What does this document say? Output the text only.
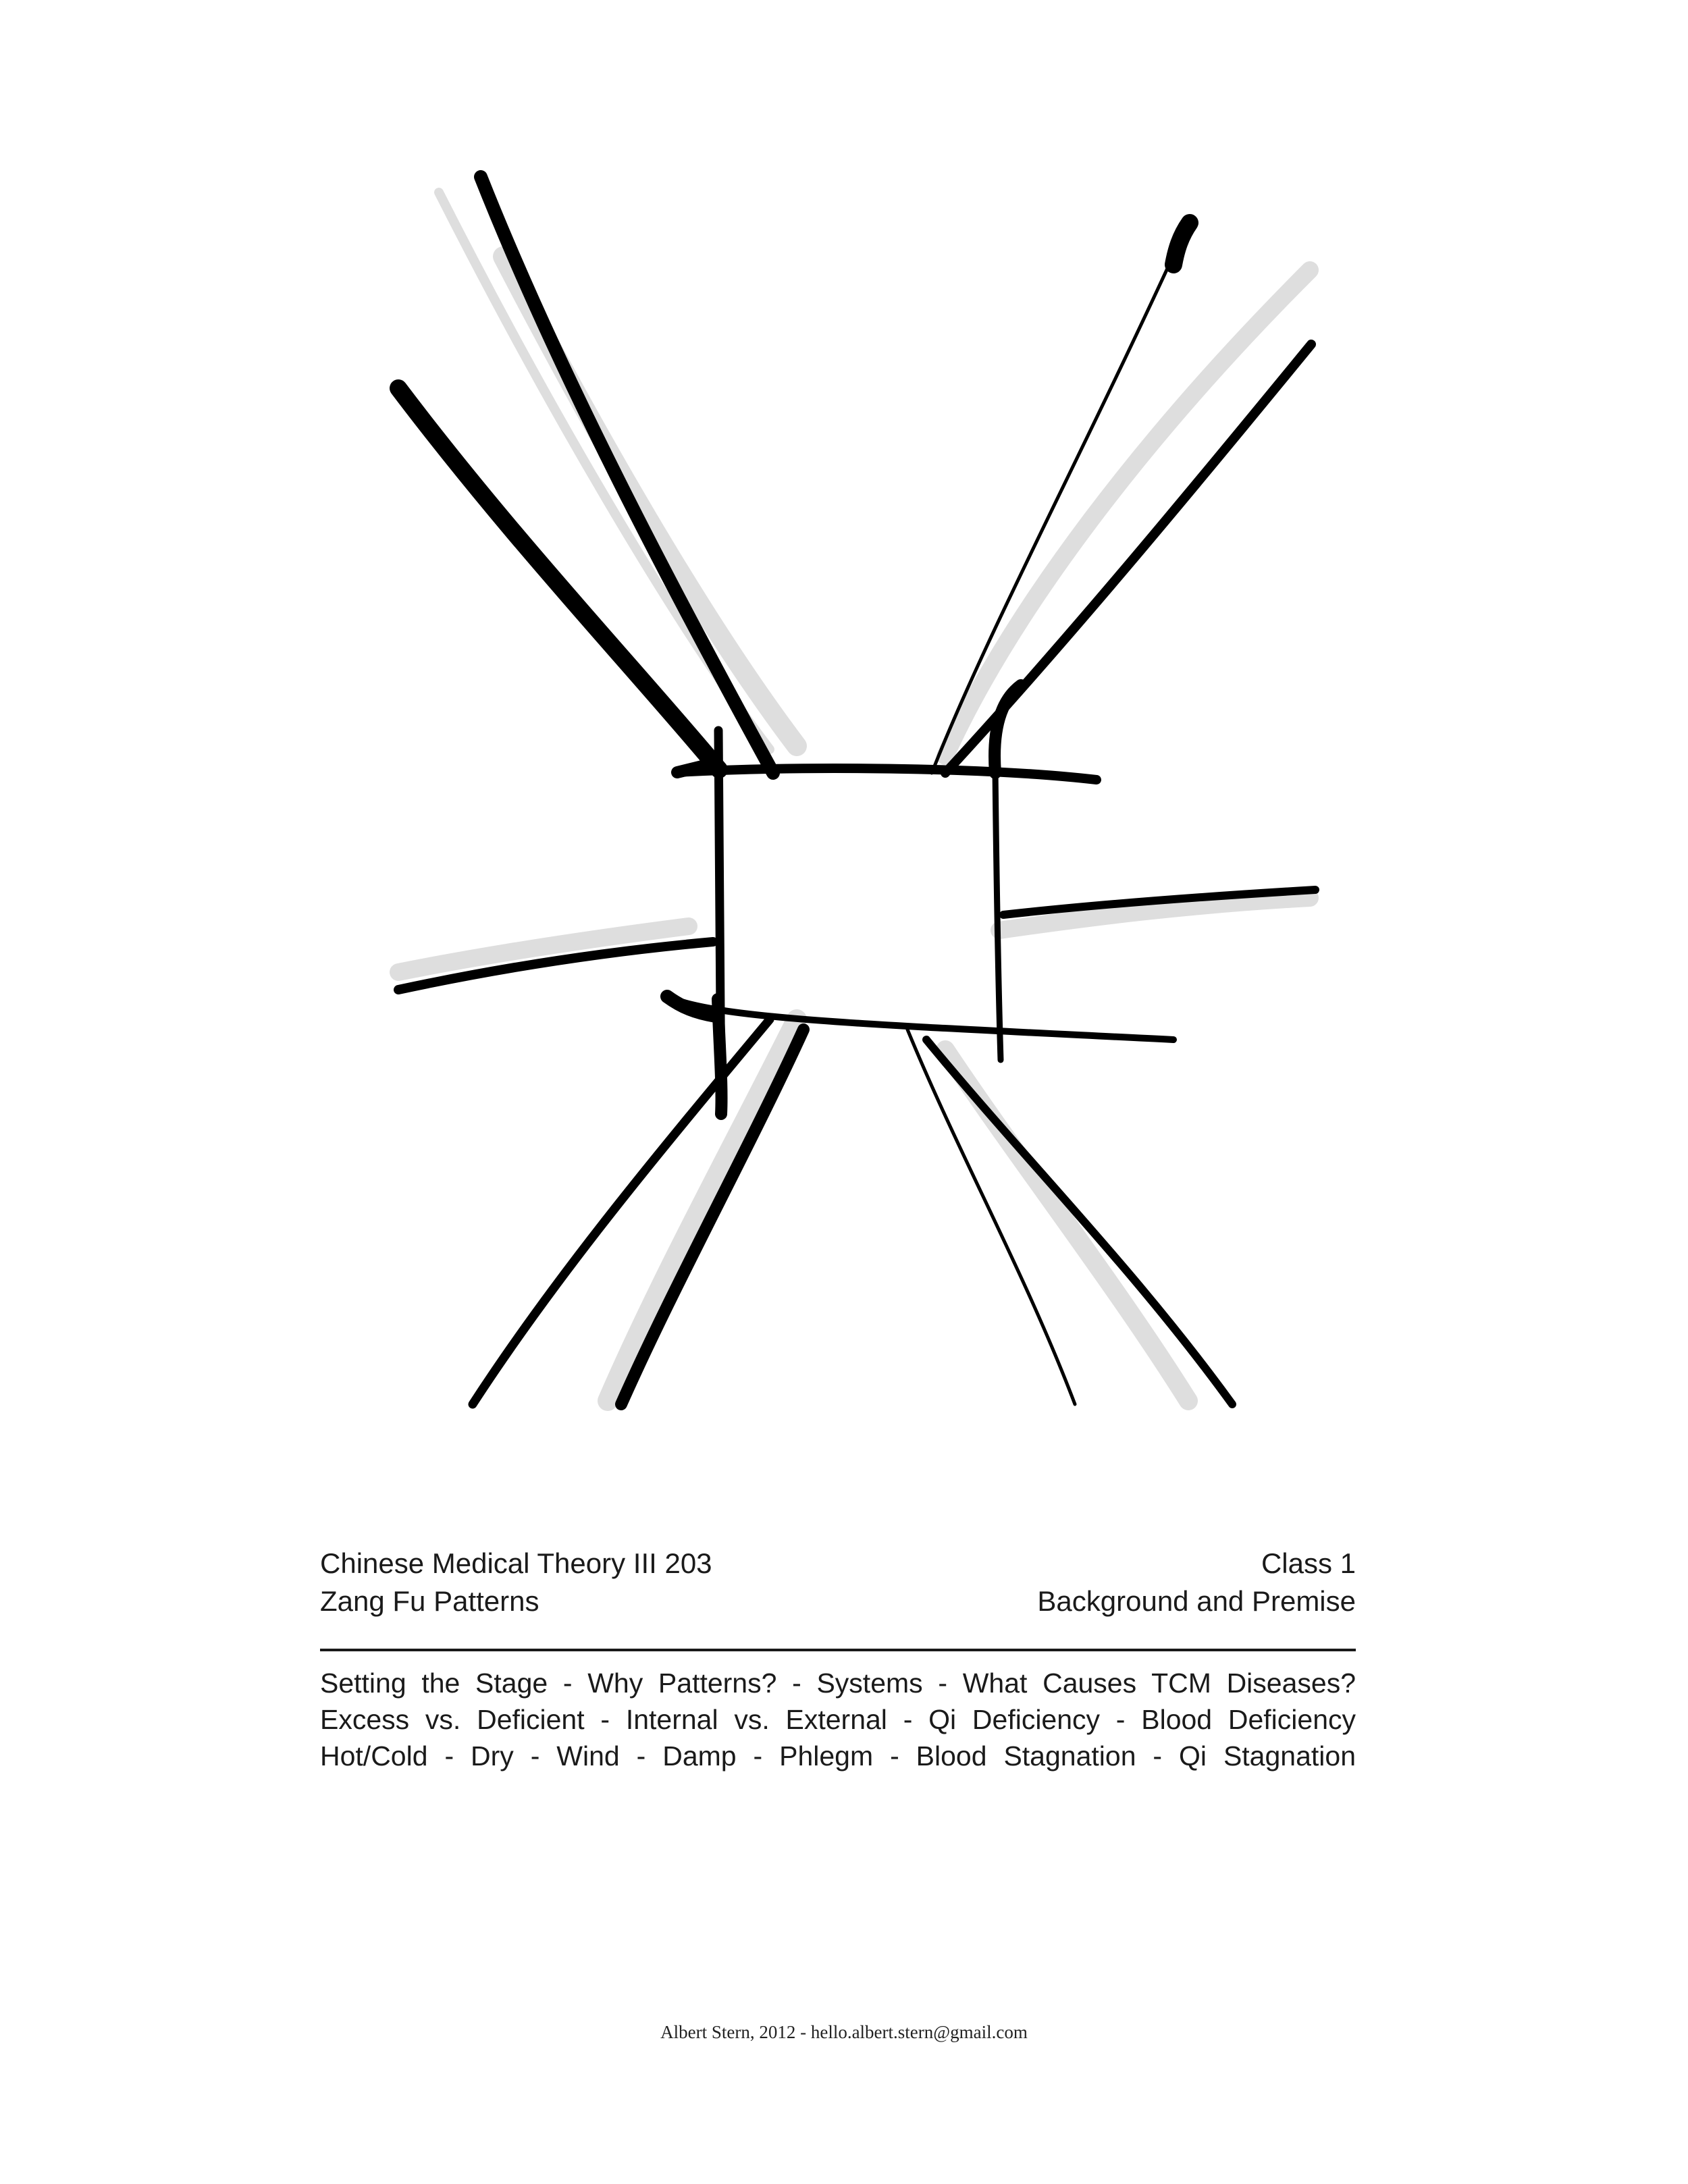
Chinese Medical Theory III 203
Zang Fu Patterns
Class 1
Background and Premise
Setting the Stage - Why Patterns? - Systems - What Causes TCM Diseases?
Excess vs. Deficient - Internal vs. External - Qi Deficiency - Blood Deficiency
Hot/Cold - Dry - Wind - Damp - Phlegm - Blood Stagnation - Qi Stagnation
Albert Stern, 2012 - hello.albert.stern@gmail.com
